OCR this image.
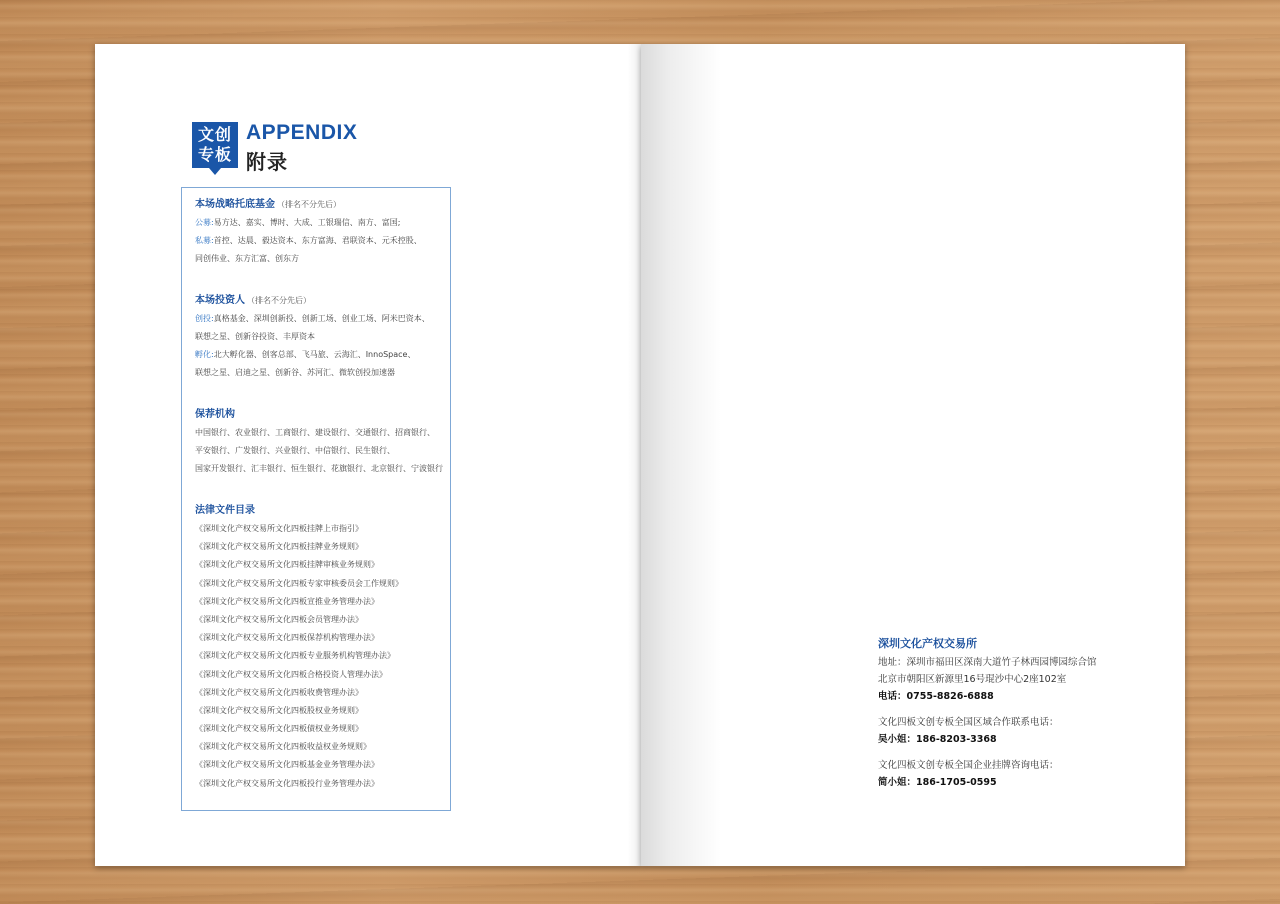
文创
专板
APPENDIX
附录
本场战略托底基金 （排名不分先后）
公募:易方达、嘉实、博时、大成、工银瑞信、南方、富国;
私募:首控、达晨、毅达资本、东方富海、君联资本、元禾控股、
同创伟业、东方汇富、创东方
本场投资人 （排名不分先后）
创投:真格基金、深圳创新投、创新工场、创业工场、阿米巴资本、
联想之星、创新谷投资、丰厚资本
孵化:北大孵化器、创客总部、飞马旅、云海汇、InnoSpace、
联想之星、启迪之星、创新谷、苏河汇、微软创投加速器
保荐机构
中国银行、农业银行、工商银行、建设银行、交通银行、招商银行、
平安银行、广发银行、兴业银行、中信银行、民生银行、
国家开发银行、汇丰银行、恒生银行、花旗银行、北京银行、宁波银行
法律文件目录
《深圳文化产权交易所文化四板挂牌上市指引》
《深圳文化产权交易所文化四板挂牌业务规则》
《深圳文化产权交易所文化四板挂牌审核业务规则》
《深圳文化产权交易所文化四板专家审核委员会工作规则》
《深圳文化产权交易所文化四板宣推业务管理办法》
《深圳文化产权交易所文化四板会员管理办法》
《深圳文化产权交易所文化四板保荐机构管理办法》
《深圳文化产权交易所文化四板专业服务机构管理办法》
《深圳文化产权交易所文化四板合格投资人管理办法》
《深圳文化产权交易所文化四板收费管理办法》
《深圳文化产权交易所文化四板股权业务规则》
《深圳文化产权交易所文化四板债权业务规则》
《深圳文化产权交易所文化四板收益权业务规则》
《深圳文化产权交易所文化四板基金业务管理办法》
《深圳文化产权交易所文化四板投行业务管理办法》
深圳文化产权交易所
地址：深圳市福田区深南大道竹子林西园博园综合馆
北京市朝阳区新源里16号琨沙中心2座102室
电话：0755-8826-6888
文化四板文创专板全国区域合作联系电话：
吴小姐：186-8203-3368
文化四板文创专板全国企业挂牌咨询电话：
简小姐：186-1705-0595
